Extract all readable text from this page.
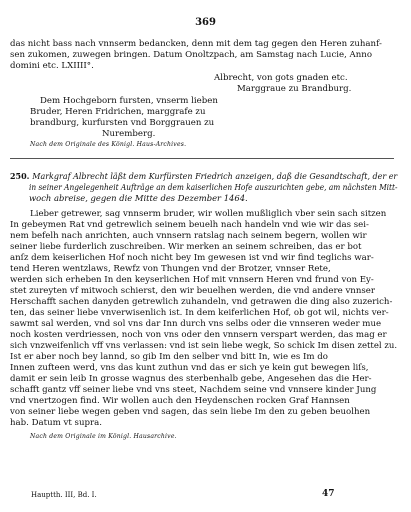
369
das nicht bass nach vnnserm bedancken, denn mit dem tag gegen den Heren zuhanf-
sen zukomen, zuwegen bringen. Datum Onoltzpach, am Samstag nach Lucie, Anno
domini etc. LXIIII°.
Albrecht, von gots gnaden etc.
Marggraue zu Brandburg.
Dem Hochgeborn fursten, vnserm lieben
Bruder, Heren Fridrichen, marggrafe zu
brandburg, kurfursten vnd Borggrauen zu
Nuremberg.
Nach dem Originale des Königl. Haus-Archives.
250. Markgraf Albrecht läßt dem Kurfürsten Friedrich anzeigen, daß die Gesandtschaft, der er
in seiner Angelegenheit Aufträge an dem kaiserlichen Hofe auszurichten gebe, am nächsten Mitt-
woch abreise, gegen die Mitte des Dezember 1464.
Lieber getrewer, sag vnnserm bruder, wir wollen mußliglich vber sein sach sitzen
In gebeymen Rat vnd getrewlich seinem beuelh nach handeln vnd wie wir das sei-
nem befelh nach anrichten, auch vnnsern ratslag nach seinem begern, wollen wir
seiner liebe furderlich zuschreiben. Wir merken an seinem schreiben, das er bot
anſz dem keiserlichen Hof noch nicht bey Im gewesen ist vnd wir find teglichs war-
tend Heren wentzlaws, Rewfz von Thungen vnd der Brotzer, vnnser Rete,
werden sich erheben In den keyserlichen Hof mit vnnsern Heren vnd frund von Ey-
stet zureyten vf mitwoch schierst, den wir beuelhen werden, die vnd andere vnnser
Herschafft sachen danyden getrewlich zuhandeln, vnd getrawen die ding also zuzerich-
ten, das seiner liebe vnverwisenlich ist. In dem keiferlichen Hof, ob got wil, nichts ver-
sawmt sal werden, vnd sol vns dar Inn durch vns selbs oder die vnnseren weder mue
noch kosten verdriessen, noch von vns oder den vnnsern verspart werden, das mag er
sich vnzweifenlich vff vns verlassen: vnd ist sein liebe wegk, So schick Im disen zettel zu.
Ist er aber noch bey lannd, so gib Im den selber vnd bitt In, wie es Im do
Innen zufteen werd, vns das kunt zuthun vnd das er sich ye kein gut bewegen liſs,
damit er sein leib In grosse wagnus des sterbenhalb gebe, Angesehen das die Her-
schafft gantz vff seiner liebe vnd vns steet, Nachdem seine vnd vnnsere kinder Jung
vnd vnertzogen find. Wir wollen auch den Heydenschen rocken Graf Hannsen
von seiner liebe wegen geben vnd sagen, das sein liebe Im den zu geben beuolhen
hab. Datum vt supra.
Nach dem Originale im Königl. Hausarchive.
Hauptth. III, Bd. I.	47
